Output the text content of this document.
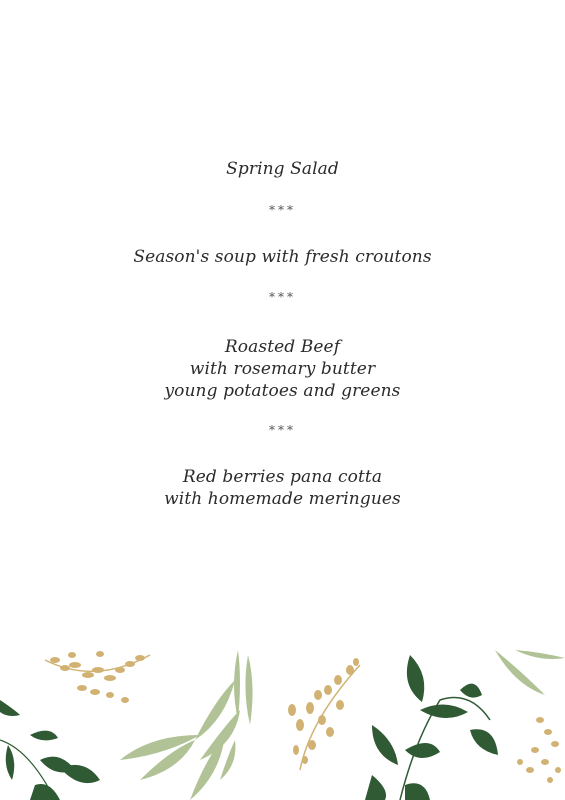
Spring Salad
***
Season's soup with fresh croutons
***
Roasted Beef
with rosemary butter
young potatoes and greens
***
Red berries pana cotta
with homemade meringues
